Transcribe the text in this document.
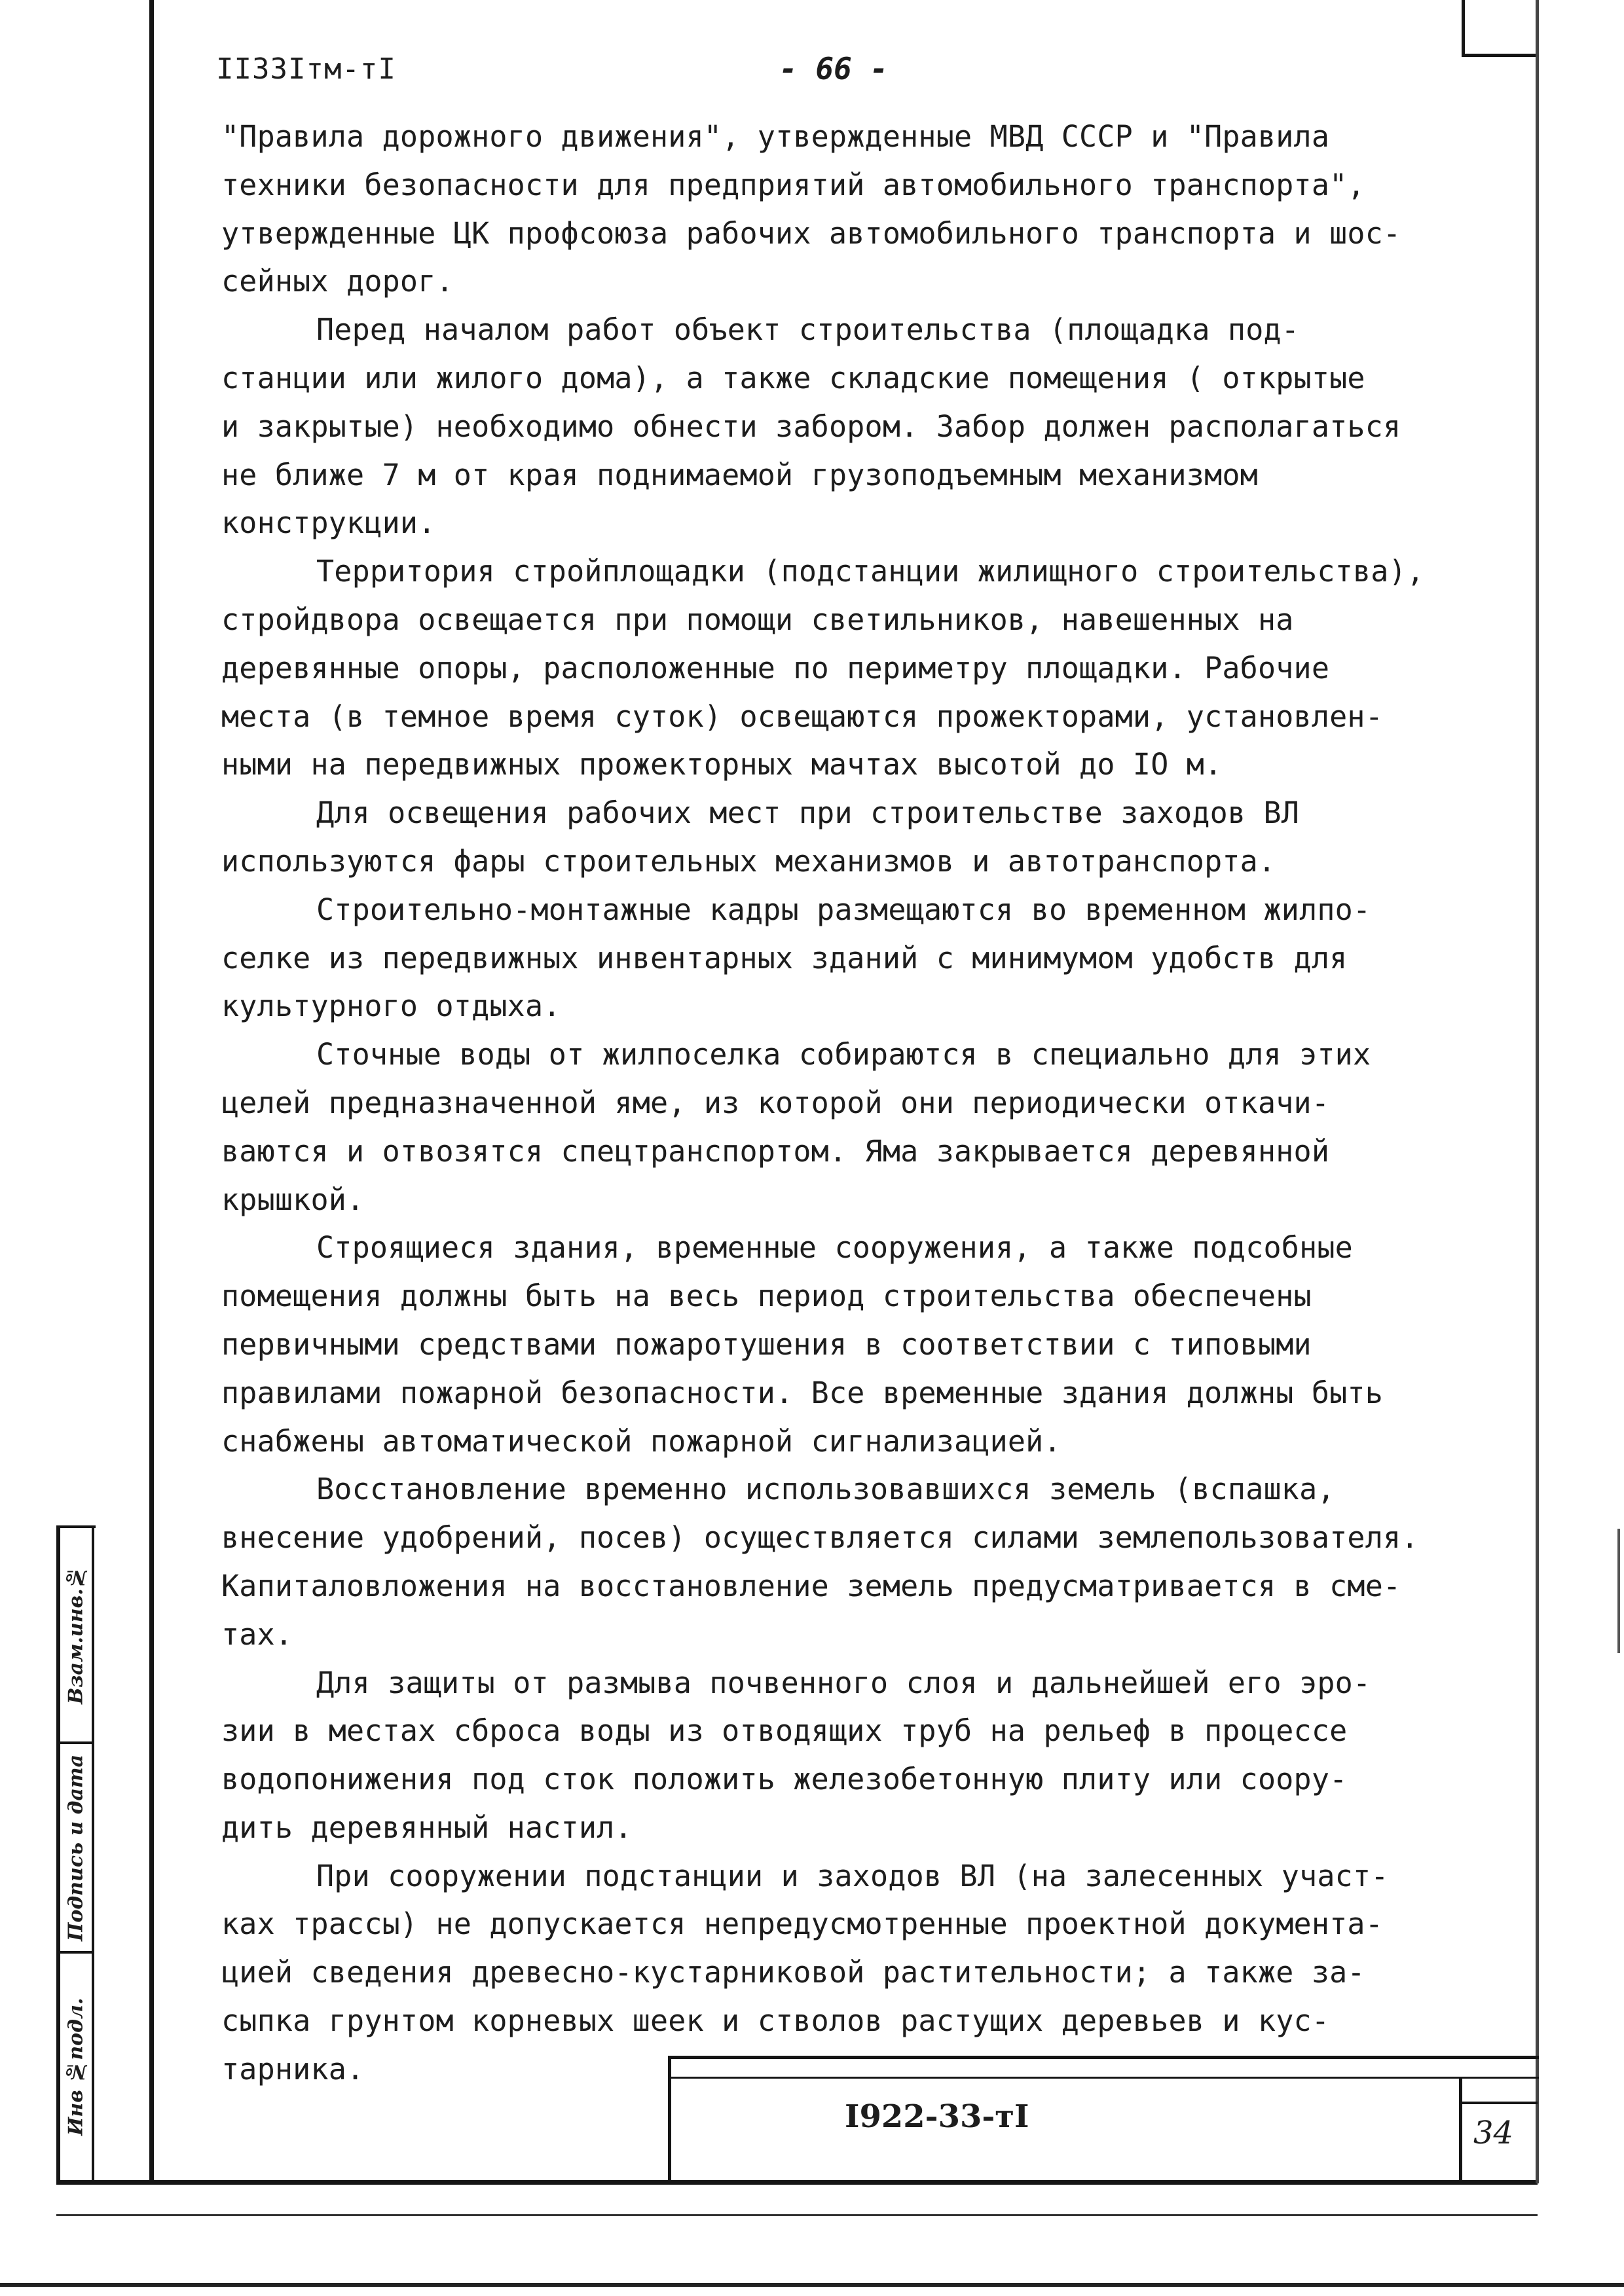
Взам.инв.№
Подпись и дата
Инв №подл.
II33Iтм-тI	- 66 -

"Правила дорожного движения", утвержденные МВД СССР и "Правила
техники безопасности для предприятий автомобильного транспорта",
утвержденные ЦК профсоюза рабочих автомобильного транспорта и шос-
сейных дорог.

Перед началом работ объект строительства (площадка под-
станции или жилого дома), а также складские помещения ( открытые
и закрытые) необходимо обнести забором. Забор должен располагаться
не ближе 7 м от края поднимаемой грузоподъемным механизмом
конструкции.

Территория стройплощадки (подстанции жилищного строительства),
стройдвора освещается при помощи светильников, навешенных на
деревянные опоры, расположенные по периметру площадки. Рабочие
места (в темное время суток) освещаются прожекторами, установлен-
ными на передвижных прожекторных мачтах высотой до IO м.

Для освещения рабочих мест при строительстве заходов ВЛ
используются фары строительных механизмов и автотранспорта.

Строительно-монтажные кадры размещаются во временном жилпо-
селке из передвижных инвентарных зданий с минимумом удобств для
культурного отдыха.

Сточные воды от жилпоселка собираются в специально для этих
целей предназначенной яме, из которой они периодически откачи-
ваются и отвозятся спецтранспортом. Яма закрывается деревянной
крышкой.

Строящиеся здания, временные сооружения, а также подсобные
помещения должны быть на весь период строительства обеспечены
первичными средствами пожаротушения в соответствии с типовыми
правилами пожарной безопасности. Все временные здания должны быть
снабжены автоматической пожарной сигнализацией.

Восстановление временно использовавшихся земель (вспашка,
внесение удобрений, посев) осуществляется силами землепользователя.
Капиталовложения на восстановление земель предусматривается в сме-
тах.

Для защиты от размыва почвенного слоя и дальнейшей его эро-
зии в местах сброса воды из отводящих труб на рельеф в процессе
водопонижения под сток положить железобетонную плиту или соору-
дить деревянный настил.

При сооружении подстанции и заходов ВЛ (на залесенных участ-
ках трассы) не допускается непредусмотренные проектной документа-
цией сведения древесно-кустарниковой растительности; а также за-
сыпка грунтом корневых шеек и стволов растущих деревьев и кус-
тарника.

I922-33-тI	34
